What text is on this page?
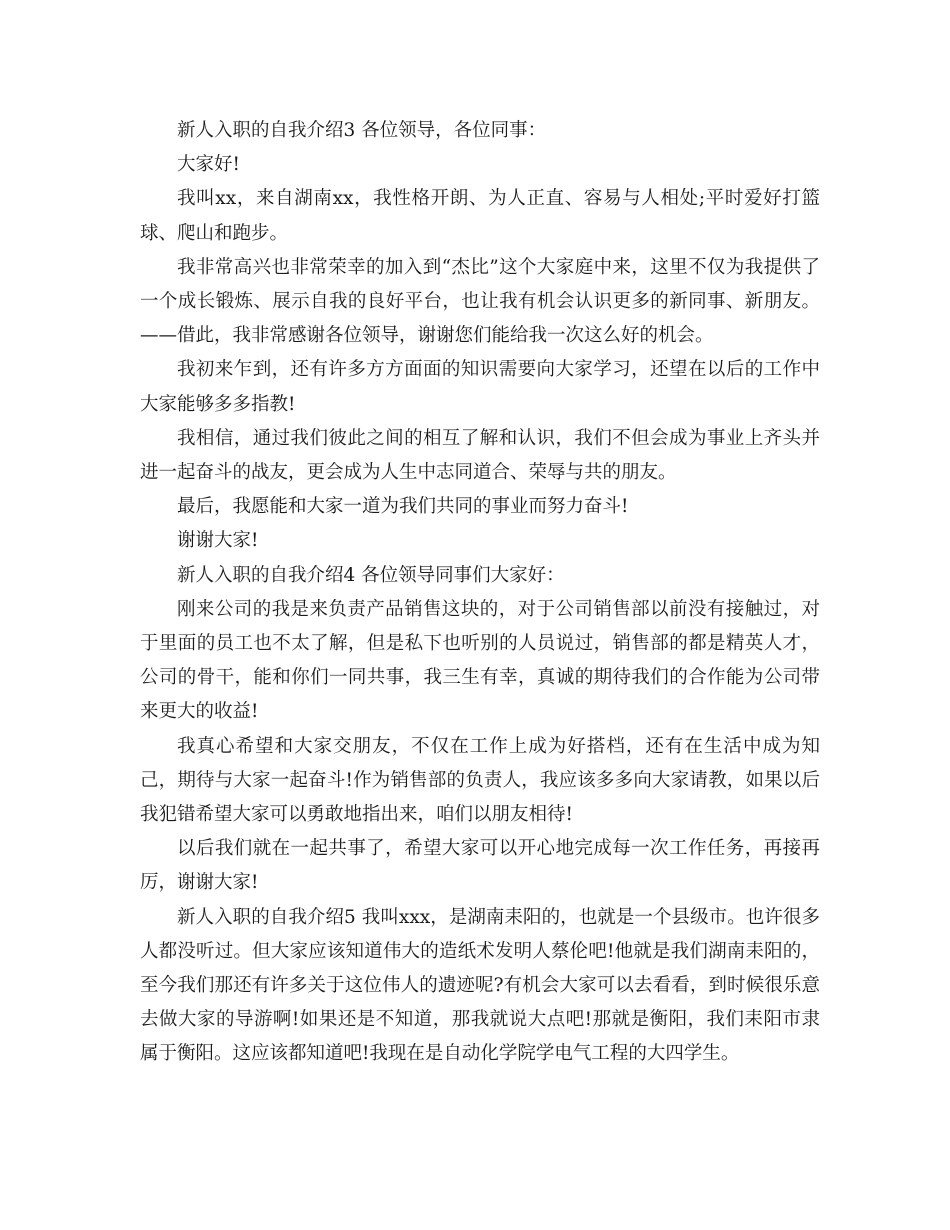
新人入职的自我介绍3 各位领导，各位同事：

大家好!

我叫xx，来自湖南xx，我性格开朗、为人正直、容易与人相处;平时爱好打篮球、爬山和跑步。

我非常高兴也非常荣幸的加入到“杰比”这个大家庭中来，这里不仅为我提供了一个成长锻炼、展示自我的良好平台，也让我有机会认识更多的新同事、新朋友。——借此，我非常感谢各位领导，谢谢您们能给我一次这么好的机会。

我初来乍到，还有许多方方面面的知识需要向大家学习，还望在以后的工作中大家能够多多指教!

我相信，通过我们彼此之间的相互了解和认识，我们不但会成为事业上齐头并进一起奋斗的战友，更会成为人生中志同道合、荣辱与共的朋友。

最后，我愿能和大家一道为我们共同的事业而努力奋斗!

谢谢大家!

新人入职的自我介绍4 各位领导同事们大家好：

刚来公司的我是来负责产品销售这块的，对于公司销售部以前没有接触过，对于里面的员工也不太了解，但是私下也听别的人员说过，销售部的都是精英人才，公司的骨干，能和你们一同共事，我三生有幸，真诚的期待我们的合作能为公司带来更大的收益!

我真心希望和大家交朋友，不仅在工作上成为好搭档，还有在生活中成为知己，期待与大家一起奋斗!作为销售部的负责人，我应该多多向大家请教，如果以后我犯错希望大家可以勇敢地指出来，咱们以朋友相待!

以后我们就在一起共事了，希望大家可以开心地完成每一次工作任务，再接再厉，谢谢大家!

新人入职的自我介绍5 我叫xxx，是湖南耒阳的，也就是一个县级市。也许很多人都没听过。但大家应该知道伟大的造纸术发明人蔡伦吧!他就是我们湖南耒阳的，至今我们那还有许多关于这位伟人的遗迹呢?有机会大家可以去看看，到时候很乐意去做大家的导游啊!如果还是不知道，那我就说大点吧!那就是衡阳，我们耒阳市隶属于衡阳。这应该都知道吧!我现在是自动化学院学电气工程的大四学生。
